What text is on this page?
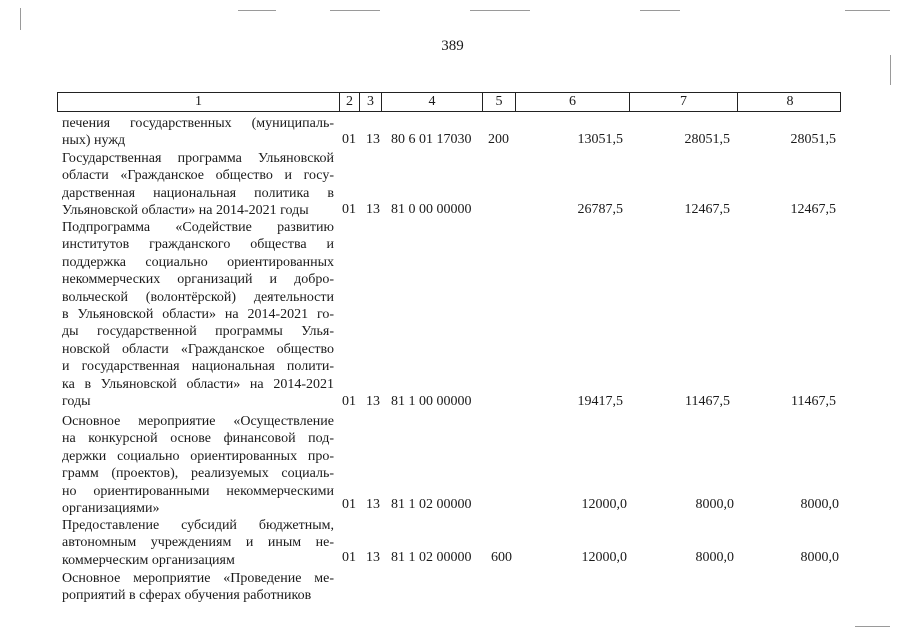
389
1	2	3	4	5	6	7	8
печения государственных (муниципаль-
ных) нужд	01 13 80 6 01 17030 200	13051,5	28051,5	28051,5
Государственная программа Ульяновской
области «Гражданское общество и госу-
дарственная национальная политика в
Ульяновской области» на 2014-2021 годы	01 13 81 0 00 00000	26787,5	12467,5	12467,5
Подпрограмма «Содействие развитию
институтов гражданского общества и
поддержка социально ориентированных
некоммерческих организаций и добро-
вольческой (волонтёрской) деятельности
в Ульяновской области» на 2014-2021 го-
ды государственной программы Улья-
новской области «Гражданское общество
и государственная национальная полити-
ка в Ульяновской области» на 2014-2021
годы	01 13 81 1 00 00000	19417,5	11467,5	11467,5
Основное мероприятие «Осуществление
на конкурсной основе финансовой под-
держки социально ориентированных про-
грамм (проектов), реализуемых социаль-
но ориентированными некоммерческими
организациями»	01 13 81 1 02 00000	12000,0	8000,0	8000,0
Предоставление субсидий бюджетным,
автономным учреждениям и иным не-
коммерческим организациям	01 13 81 1 02 00000 600	12000,0	8000,0	8000,0
Основное мероприятие «Проведение ме-
роприятий в сферах обучения работников
